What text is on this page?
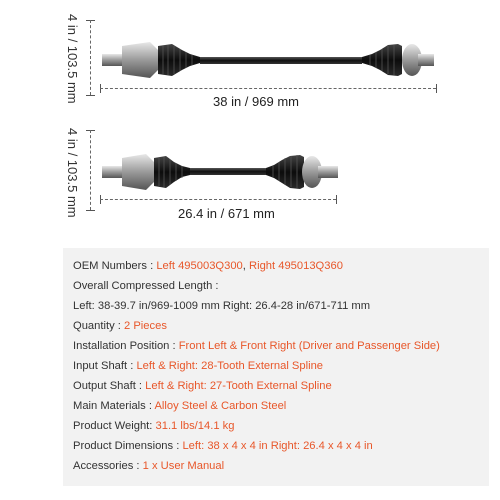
4 in / 103.5 mm	38 in / 969 mm
4 in / 103.5 mm	26.4 in / 671 mm
OEM Numbers : Left 495003Q300, Right 495013Q360
Overall Compressed Length :
Left: 38-39.7 in/969-1009 mm Right: 26.4-28 in/671-711 mm
Quantity : 2 Pieces
Installation Position : Front Left & Front Right (Driver and Passenger Side)
Input Shaft : Left & Right: 28-Tooth External Spline
Output Shaft : Left & Right: 27-Tooth External Spline
Main Materials : Alloy Steel & Carbon Steel
Product Weight: 31.1 lbs/14.1 kg
Product Dimensions : Left: 38 x 4 x 4 in Right: 26.4 x 4 x 4 in
Accessories : 1 x User Manual
